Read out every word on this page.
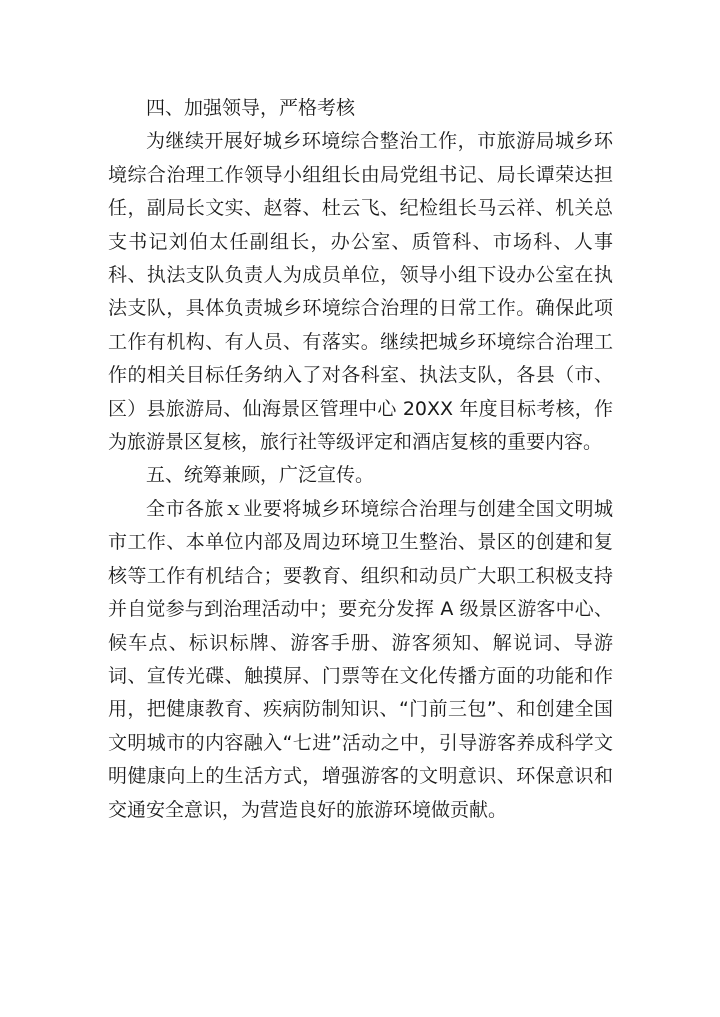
四、加强领导，严格考核

为继续开展好城乡环境综合整治工作，市旅游局城乡环境综合治理工作领导小组组长由局党组书记、局长谭荣达担任，副局长文实、赵蓉、杜云飞、纪检组长马云祥、机关总支书记刘伯太任副组长，办公室、质管科、市场科、人事科、执法支队负责人为成员单位，领导小组下设办公室在执法支队，具体负责城乡环境综合治理的日常工作。确保此项工作有机构、有人员、有落实。继续把城乡环境综合治理工作的相关目标任务纳入了对各科室、执法支队，各县（市、区）县旅游局、仙海景区管理中心 20XX 年度目标考核，作为旅游景区复核，旅行社等级评定和酒店复核的重要内容。

五、统筹兼顾，广泛宣传。

全市各旅ｘ业要将城乡环境综合治理与创建全国文明城市工作、本单位内部及周边环境卫生整治、景区的创建和复核等工作有机结合；要教育、组织和动员广大职工积极支持并自觉参与到治理活动中；要充分发挥 A 级景区游客中心、候车点、标识标牌、游客手册、游客须知、解说词、导游词、宣传光碟、触摸屏、门票等在文化传播方面的功能和作用，把健康教育、疾病防制知识、“门前三包”、和创建全国文明城市的内容融入“七进”活动之中，引导游客养成科学文明健康向上的生活方式，增强游客的文明意识、环保意识和交通安全意识，为营造良好的旅游环境做贡献。
